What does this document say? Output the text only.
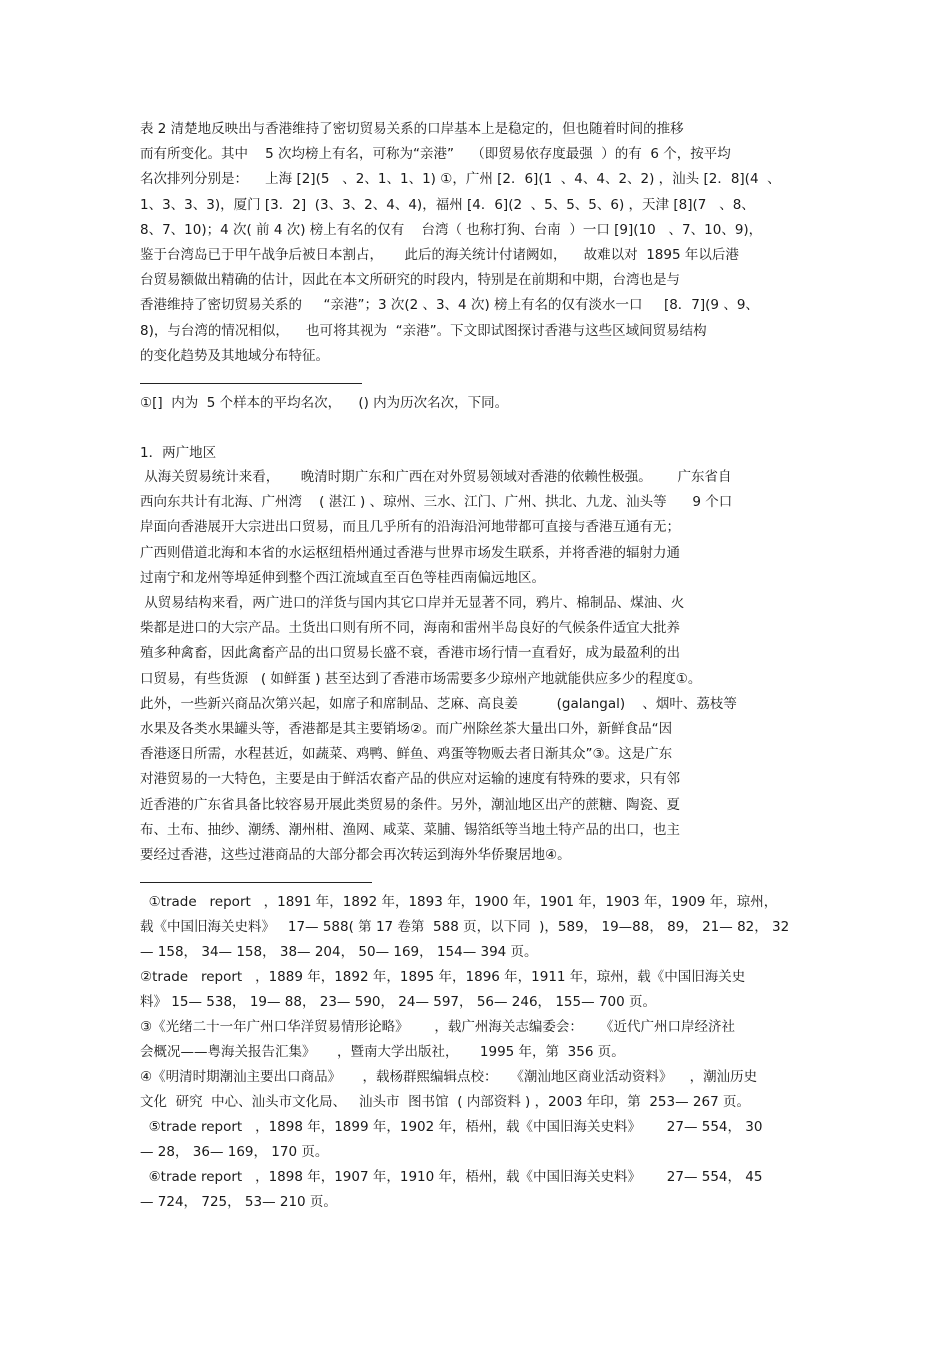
表 2 清楚地反映出与香港维持了密切贸易关系的口岸基本上是稳定的，但也随着时间的推移
而有所变化。其中    5 次均榜上有名，可称为“亲港”    （即贸易依存度最强  ）的有  6 个，按平均
名次排列分别是：    上海 [2](5   、2、1、1、1) ①，广州 [2．6](1  、4、4、2、2) ，汕头 [2．8](4  、
1、3、3、3)，厦门 [3．2]  (3、3、2、4、4)，福州 [4．6](2  、5、5、5、6) ，天津 [8](7   、8、
8、7、10)；4 次( 前 4 次) 榜上有名的仅有    台湾（ 也称打狗、台南  ）一口 [9](10   、7、10、9)，
鉴于台湾岛已于甲午战争后被日本割占，     此后的海关统计付诸阙如，    故难以对  1895 年以后港
台贸易额做出精确的估计，因此在本文所研究的时段内，特别是在前期和中期，台湾也是与
香港维持了密切贸易关系的     “亲港”；3 次(2 、3、4 次) 榜上有名的仅有淡水一口     [8．7](9 、9、
8)，与台湾的情况相似，    也可将其视为  “亲港”。下文即试图探讨香港与这些区域间贸易结构
的变化趋势及其地域分布特征。
①[]  内为  5 个样本的平均名次，    () 内为历次名次，下同。
1．两广地区
从海关贸易统计来看，     晚清时期广东和广西在对外贸易领域对香港的依赖性极强。      广东省自
西向东共计有北海、广州湾    ( 湛江 ) 、琼州、三水、江门、广州、拱北、九龙、汕头等      9 个口
岸面向香港展开大宗进出口贸易，而且几乎所有的沿海沿河地带都可直接与香港互通有无；
广西则借道北海和本省的水运枢纽梧州通过香港与世界市场发生联系，并将香港的辐射力通
过南宁和龙州等埠延伸到整个西江流域直至百色等桂西南偏远地区。
从贸易结构来看，两广进口的洋货与国内其它口岸并无显著不同，鸦片、棉制品、煤油、火
柴都是进口的大宗产品。土货出口则有所不同，海南和雷州半岛良好的气候条件适宜大批养
殖多种禽畜，因此禽畜产品的出口贸易长盛不衰，香港市场行情一直看好，成为最盈利的出
口贸易，有些货源   ( 如鲜蛋 ) 甚至达到了香港市场需要多少琼州产地就能供应多少的程度①。
此外，一些新兴商品次第兴起，如席子和席制品、芝麻、高良姜         (galangal)    、烟叶、荔枝等
水果及各类水果罐头等，香港都是其主要销场②。而广州除丝茶大量出口外，新鲜食品“因
香港逐日所需，水程甚近，如蔬菜、鸡鸭、鲜鱼、鸡蛋等物贩去者日渐其众”③。这是广东
对港贸易的一大特色，主要是由于鲜活农畜产品的供应对运输的速度有特殊的要求，只有邻
近香港的广东省具备比较容易开展此类贸易的条件。另外，潮汕地区出产的蔗糖、陶瓷、夏
布、土布、抽纱、潮绣、潮州柑、渔网、咸菜、菜脯、锡箔纸等当地土特产品的出口，也主
要经过香港，这些过港商品的大部分都会再次转运到海外华侨聚居地④。
①trade   report   ，1891 年，1892 年，1893 年，1900 年，1901 年，1903 年，1909 年，琼州，
载《中国旧海关史料》   17— 588( 第 17 卷第  588 页，以下同  )，589， 19—88， 89， 21— 82， 32
— 158， 34— 158， 38— 204， 50— 169， 154— 394 页。
②trade   report   ，1889 年，1892 年，1895 年，1896 年，1911 年，琼州，载《中国旧海关史
料》 15— 538， 19— 88， 23— 590， 24— 597， 56— 246， 155— 700 页。
③《光绪二十一年广州口华洋贸易情形论略》      ，载广州海关志编委会：    《近代广州口岸经济社
会概况——粤海关报告汇集》     ，暨南大学出版社，     1995 年，第  356 页。
④《明清时期潮汕主要出口商品》     ，载杨群熙编辑点校：   《潮汕地区商业活动资料》    ，潮汕历史
文化  研究  中心、汕头市文化局、   汕头市  图书馆  ( 内部资料 ) ，2003 年印，第  253— 267 页。
⑤trade report   ，1898 年，1899 年，1902 年，梧州，载《中国旧海关史料》      27— 554， 30
— 28， 36— 169， 170 页。
⑥trade report   ，1898 年，1907 年，1910 年，梧州，载《中国旧海关史料》      27— 554， 45
— 724， 725， 53— 210 页。
